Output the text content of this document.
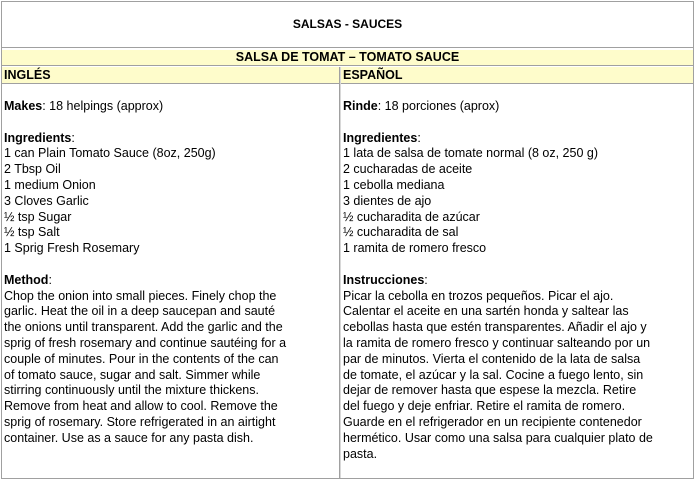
SALSAS - SAUCES
SALSA DE TOMAT – TOMATO SAUCE
INGLÉS	ESPAÑOL
Makes: 18 helpings (approx)
Ingredients:
1 can Plain Tomato Sauce (8oz, 250g)
2 Tbsp Oil
1 medium Onion
3 Cloves Garlic
½ tsp Sugar
½ tsp Salt
1 Sprig Fresh Rosemary
Method:
Chop the onion into small pieces. Finely chop the
garlic. Heat the oil in a deep saucepan and sauté
the onions until transparent. Add the garlic and the
sprig of fresh rosemary and continue sautéing for a
couple of minutes. Pour in the contents of the can
of tomato sauce, sugar and salt. Simmer while
stirring continuously until the mixture thickens.
Remove from heat and allow to cool. Remove the
sprig of rosemary. Store refrigerated in an airtight
container. Use as a sauce for any pasta dish.
Rinde: 18 porciones (aprox)
Ingredientes:
1 lata de salsa de tomate normal (8 oz, 250 g)
2 cucharadas de aceite
1 cebolla mediana
3 dientes de ajo
½ cucharadita de azúcar
½ cucharadita de sal
1 ramita de romero fresco
Instrucciones:
Picar la cebolla en trozos pequeños. Picar el ajo.
Calentar el aceite en una sartén honda y saltear las
cebollas hasta que estén transparentes. Añadir el ajo y
la ramita de romero fresco y continuar salteando por un
par de minutos. Vierta el contenido de la lata de salsa
de tomate, el azúcar y la sal. Cocine a fuego lento, sin
dejar de remover hasta que espese la mezcla. Retire
del fuego y deje enfriar. Retire el ramita de romero.
Guarde en el refrigerador en un recipiente contenedor
hermético. Usar como una salsa para cualquier plato de
pasta.
